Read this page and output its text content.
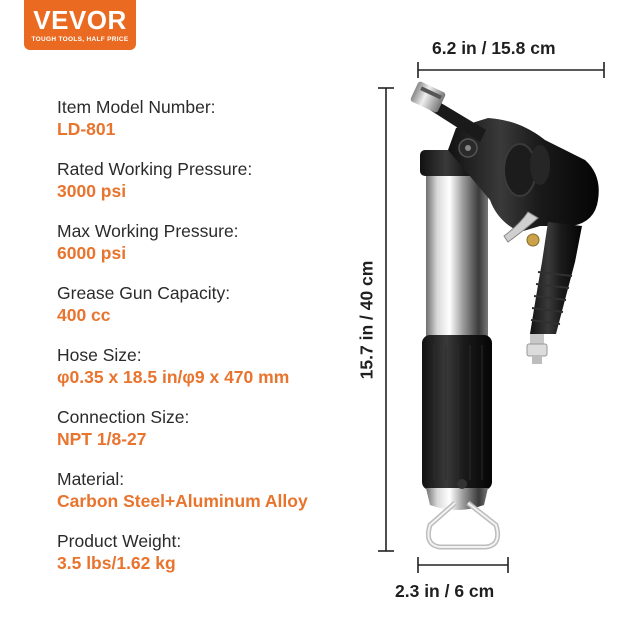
VEVOR
TOUGH TOOLS, HALF PRICE
Item Model Number:
LD-801
Rated Working Pressure:
3000 psi
Max Working Pressure:
6000 psi
Grease Gun Capacity:
400 cc
Hose Size:
φ0.35 x 18.5 in/φ9 x 470 mm
Connection Size:
NPT 1/8-27
Material:
Carbon Steel+Aluminum Alloy
Product Weight:
3.5 lbs/1.62 kg
6.2 in / 15.8 cm
15.7 in / 40 cm
2.3 in / 6 cm
